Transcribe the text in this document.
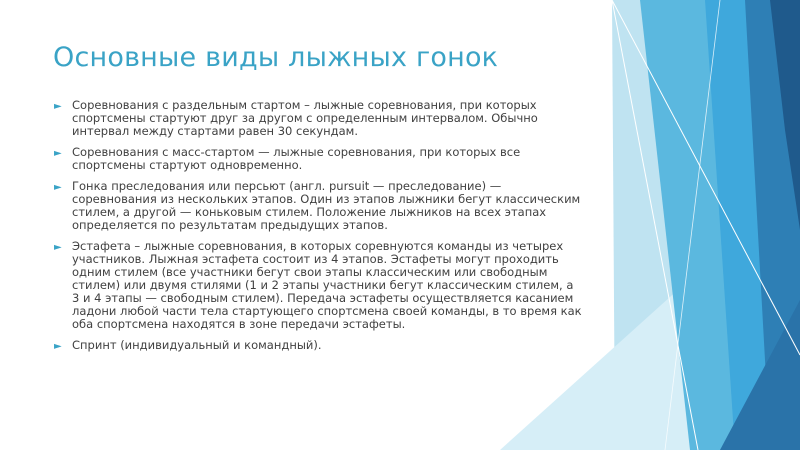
Основные виды лыжных гонок
► Соревнования с раздельным стартом – лыжные соревнования, при которых спортсмены стартуют друг за другом с определенным интервалом. Обычно интервал между стартами равен 30 секундам.
► Соревнования с масс-стартом — лыжные соревнования, при которых все спортсмены стартуют одновременно.
► Гонка преследования или персьют (англ. pursuit — преследование) — соревнования из нескольких этапов. Один из этапов лыжники бегут классическим стилем, а другой — коньковым стилем. Положение лыжников на всех этапах определяется по результатам предыдущих этапов.
► Эстафета – лыжные соревнования, в которых соревнуются команды из четырех участников. Лыжная эстафета состоит из 4 этапов. Эстафеты могут проходить одним стилем (все участники бегут свои этапы классическим или свободным стилем) или двумя стилями (1 и 2 этапы участники бегут классическим стилем, а 3 и 4 этапы — свободным стилем). Передача эстафеты осуществляется касанием ладони любой части тела стартующего спортсмена своей команды, в то время как оба спортсмена находятся в зоне передачи эстафеты.
► Спринт (индивидуальный и командный).
